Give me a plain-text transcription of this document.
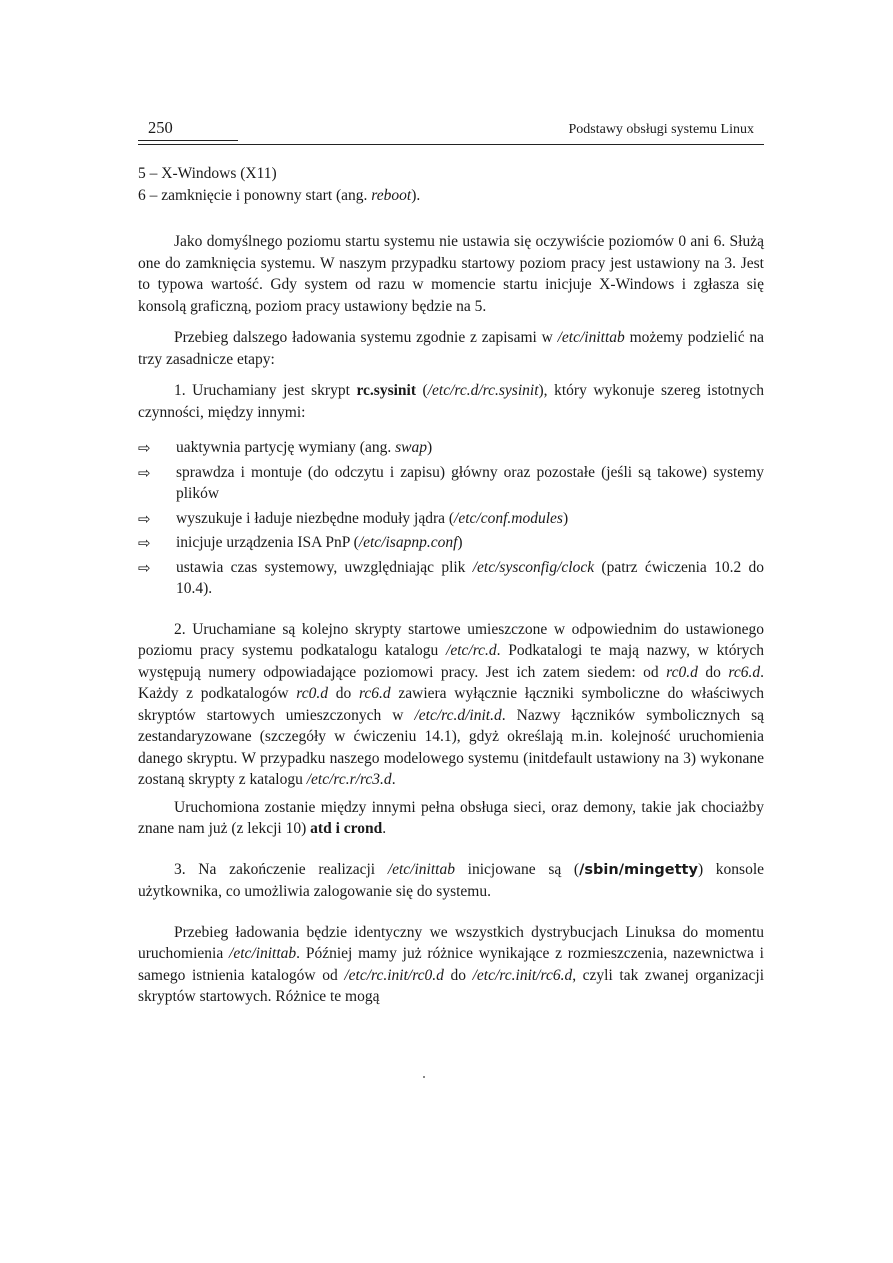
250	Podstawy obsługi systemu Linux
5 – X-Windows (X11)
6 – zamknięcie i ponowny start (ang. reboot).

Jako domyślnego poziomu startu systemu nie ustawia się oczywiście poziomów 0 ani 6. Służą one do zamknięcia systemu. W naszym przypadku startowy poziom pracy jest ustawiony na 3. Jest to typowa wartość. Gdy system od razu w momencie startu inicjuje X-Windows i zgłasza się konsolą graficzną, poziom pracy ustawiony będzie na 5.

Przebieg dalszego ładowania systemu zgodnie z zapisami w /etc/inittab możemy podzielić na trzy zasadnicze etapy:

1. Uruchamiany jest skrypt rc.sysinit (/etc/rc.d/rc.sysinit), który wykonuje szereg istotnych czynności, między innymi:

⇨ uaktywnia partycję wymiany (ang. swap)
⇨ sprawdza i montuje (do odczytu i zapisu) główny oraz pozostałe (jeśli są takowe) systemy plików
⇨ wyszukuje i ładuje niezbędne moduły jądra (/etc/conf.modules)
⇨ inicjuje urządzenia ISA PnP (/etc/isapnp.conf)
⇨ ustawia czas systemowy, uwzględniając plik /etc/sysconfig/clock (patrz ćwiczenia 10.2 do 10.4).

2. Uruchamiane są kolejno skrypty startowe umieszczone w odpowiednim do ustawionego poziomu pracy systemu podkatalogu katalogu /etc/rc.d. Podkatalogi te mają nazwy, w których występują numery odpowiadające poziomowi pracy. Jest ich zatem siedem: od rc0.d do rc6.d. Każdy z podkatalogów rc0.d do rc6.d zawiera wyłącznie łączniki symboliczne do właściwych skryptów startowych umieszczonych w /etc/rc.d/init.d. Nazwy łączników symbolicznych są zestandaryzowane (szczegóły w ćwiczeniu 14.1), gdyż określają m.in. kolejność uruchomienia danego skryptu. W przypadku naszego modelowego systemu (initdefault ustawiony na 3) wykonane zostaną skrypty z katalogu /etc/rc.r/rc3.d.

Uruchomiona zostanie między innymi pełna obsługa sieci, oraz demony, takie jak chociażby znane nam już (z lekcji 10) atd i crond.

3. Na zakończenie realizacji /etc/inittab inicjowane są (/sbin/mingetty) konsole użytkownika, co umożliwia zalogowanie się do systemu.

Przebieg ładowania będzie identyczny we wszystkich dystrybucjach Linuksa do momentu uruchomienia /etc/inittab. Później mamy już różnice wynikające z rozmieszczenia, nazewnictwa i samego istnienia katalogów od /etc/rc.init/rc0.d do /etc/rc.init/rc6.d, czyli tak zwanej organizacji skryptów startowych. Różnice te mogą
